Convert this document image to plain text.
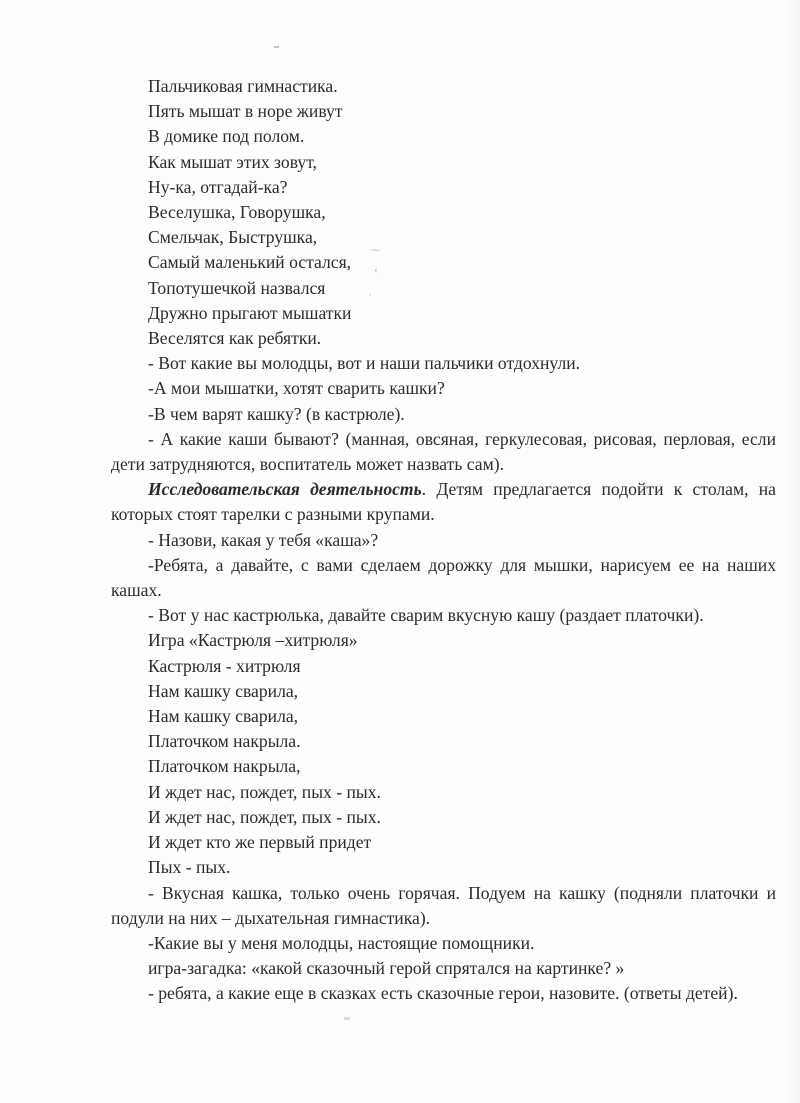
⁓
‹
ˋ

Пальчиковая гимнастика.

Пять мышат в норе живут

В домике под полом.

Как мышат этих зовут,

Ну-ка, отгадай-ка?

Веселушка, Говорушка,

Смельчак, Быструшка,

Самый маленький остался,

Топотушечкой назвался

Дружно прыгают мышатки

Веселятся как ребятки.

- Вот какие вы молодцы, вот и наши пальчики отдохнули.

-А мои мышатки, хотят сварить кашки?

-В чем варят кашку? (в кастрюле).

- А какие каши бывают? (манная, овсяная, геркулесовая, рисовая, перловая, если дети затрудняются, воспитатель может назвать сам).

Исследовательская деятельность. Детям предлагается подойти к столам, на которых стоят тарелки с разными крупами.

- Назови, какая у тебя «каша»?

-Ребята, а давайте, с вами сделаем дорожку для мышки, нарисуем ее на наших кашах.

- Вот у нас кастрюлька, давайте сварим вкусную кашу (раздает платочки).

Игра «Кастрюля –хитрюля»

Кастрюля - хитрюля

Нам кашку сварила,

Нам кашку сварила,

Платочком накрыла.

Платочком накрыла,

И ждет нас, пождет, пых - пых.

И ждет нас, пождет, пых - пых.

И ждет кто же первый придет

Пых - пых.

- Вкусная кашка, только очень горячая. Подуем на кашку (подняли платочки и подули на них – дыхательная гимнастика).

-Какие вы у меня молодцы, настоящие помощники.

игра-загадка: «какой сказочный герой спрятался на картинке? »

- ребята, а какие еще в сказках есть сказочные герои, назовите. (ответы детей).
